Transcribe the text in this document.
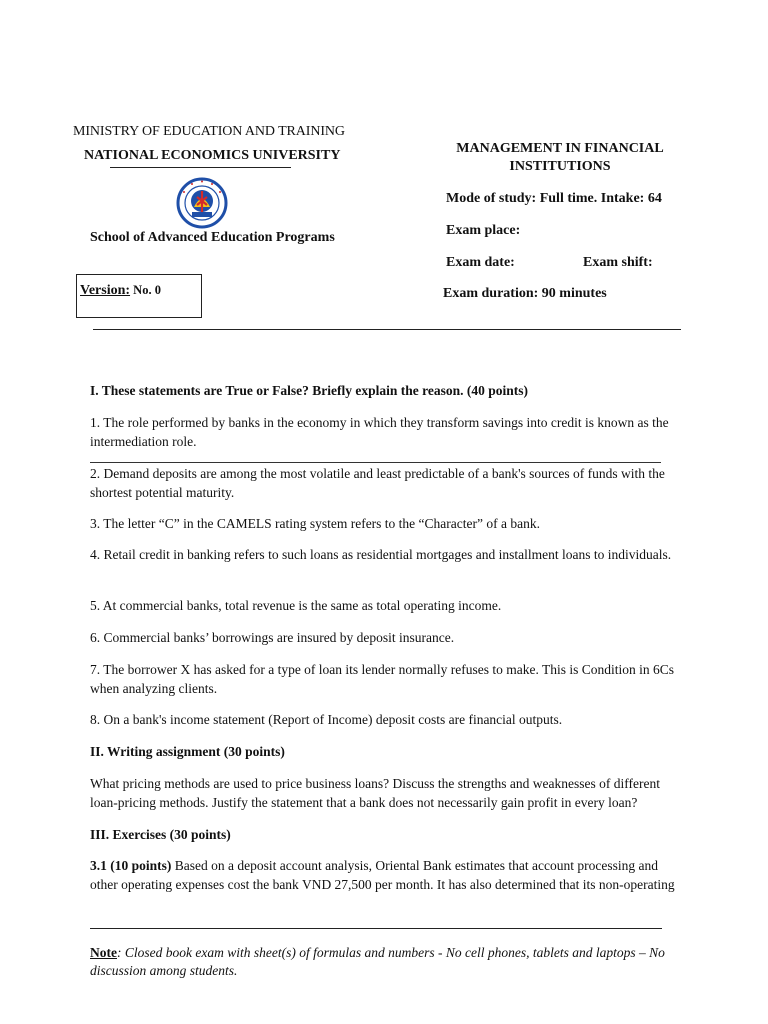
MINISTRY OF EDUCATION AND TRAINING
NATIONAL ECONOMICS UNIVERSITY
School of Advanced Education Programs
Version: No. 0
MANAGEMENT IN FINANCIAL
INSTITUTIONS
Mode of study: Full time. Intake: 64
Exam place:
Exam date:	Exam shift:
Exam duration: 90 minutes
I. These statements are True or False? Briefly explain the reason. (40 points)
1. The role performed by banks in the economy in which they transform savings into credit is known as the intermediation role.
2. Demand deposits are among the most volatile and least predictable of a bank's sources of funds with the shortest potential maturity.
3. The letter “C” in the CAMELS rating system refers to the “Character” of a bank.
4. Retail credit in banking refers to such loans as residential mortgages and installment loans to individuals.
5. At commercial banks, total revenue is the same as total operating income.
6. Commercial banks’ borrowings are insured by deposit insurance.
7. The borrower X has asked for a type of loan its lender normally refuses to make. This is Condition in 6Cs when analyzing clients.
8. On a bank's income statement (Report of Income) deposit costs are financial outputs.
II. Writing assignment (30 points)
What pricing methods are used to price business loans? Discuss the strengths and weaknesses of different loan-pricing methods. Justify the statement that a bank does not necessarily gain profit in every loan?
III. Exercises (30 points)
3.1 (10 points) Based on a deposit account analysis, Oriental Bank estimates that account processing and other operating expenses cost the bank VND 27,500 per month. It has also determined that its non-operating
Note: Closed book exam with sheet(s) of formulas and numbers - No cell phones, tablets and laptops – No discussion among students.
